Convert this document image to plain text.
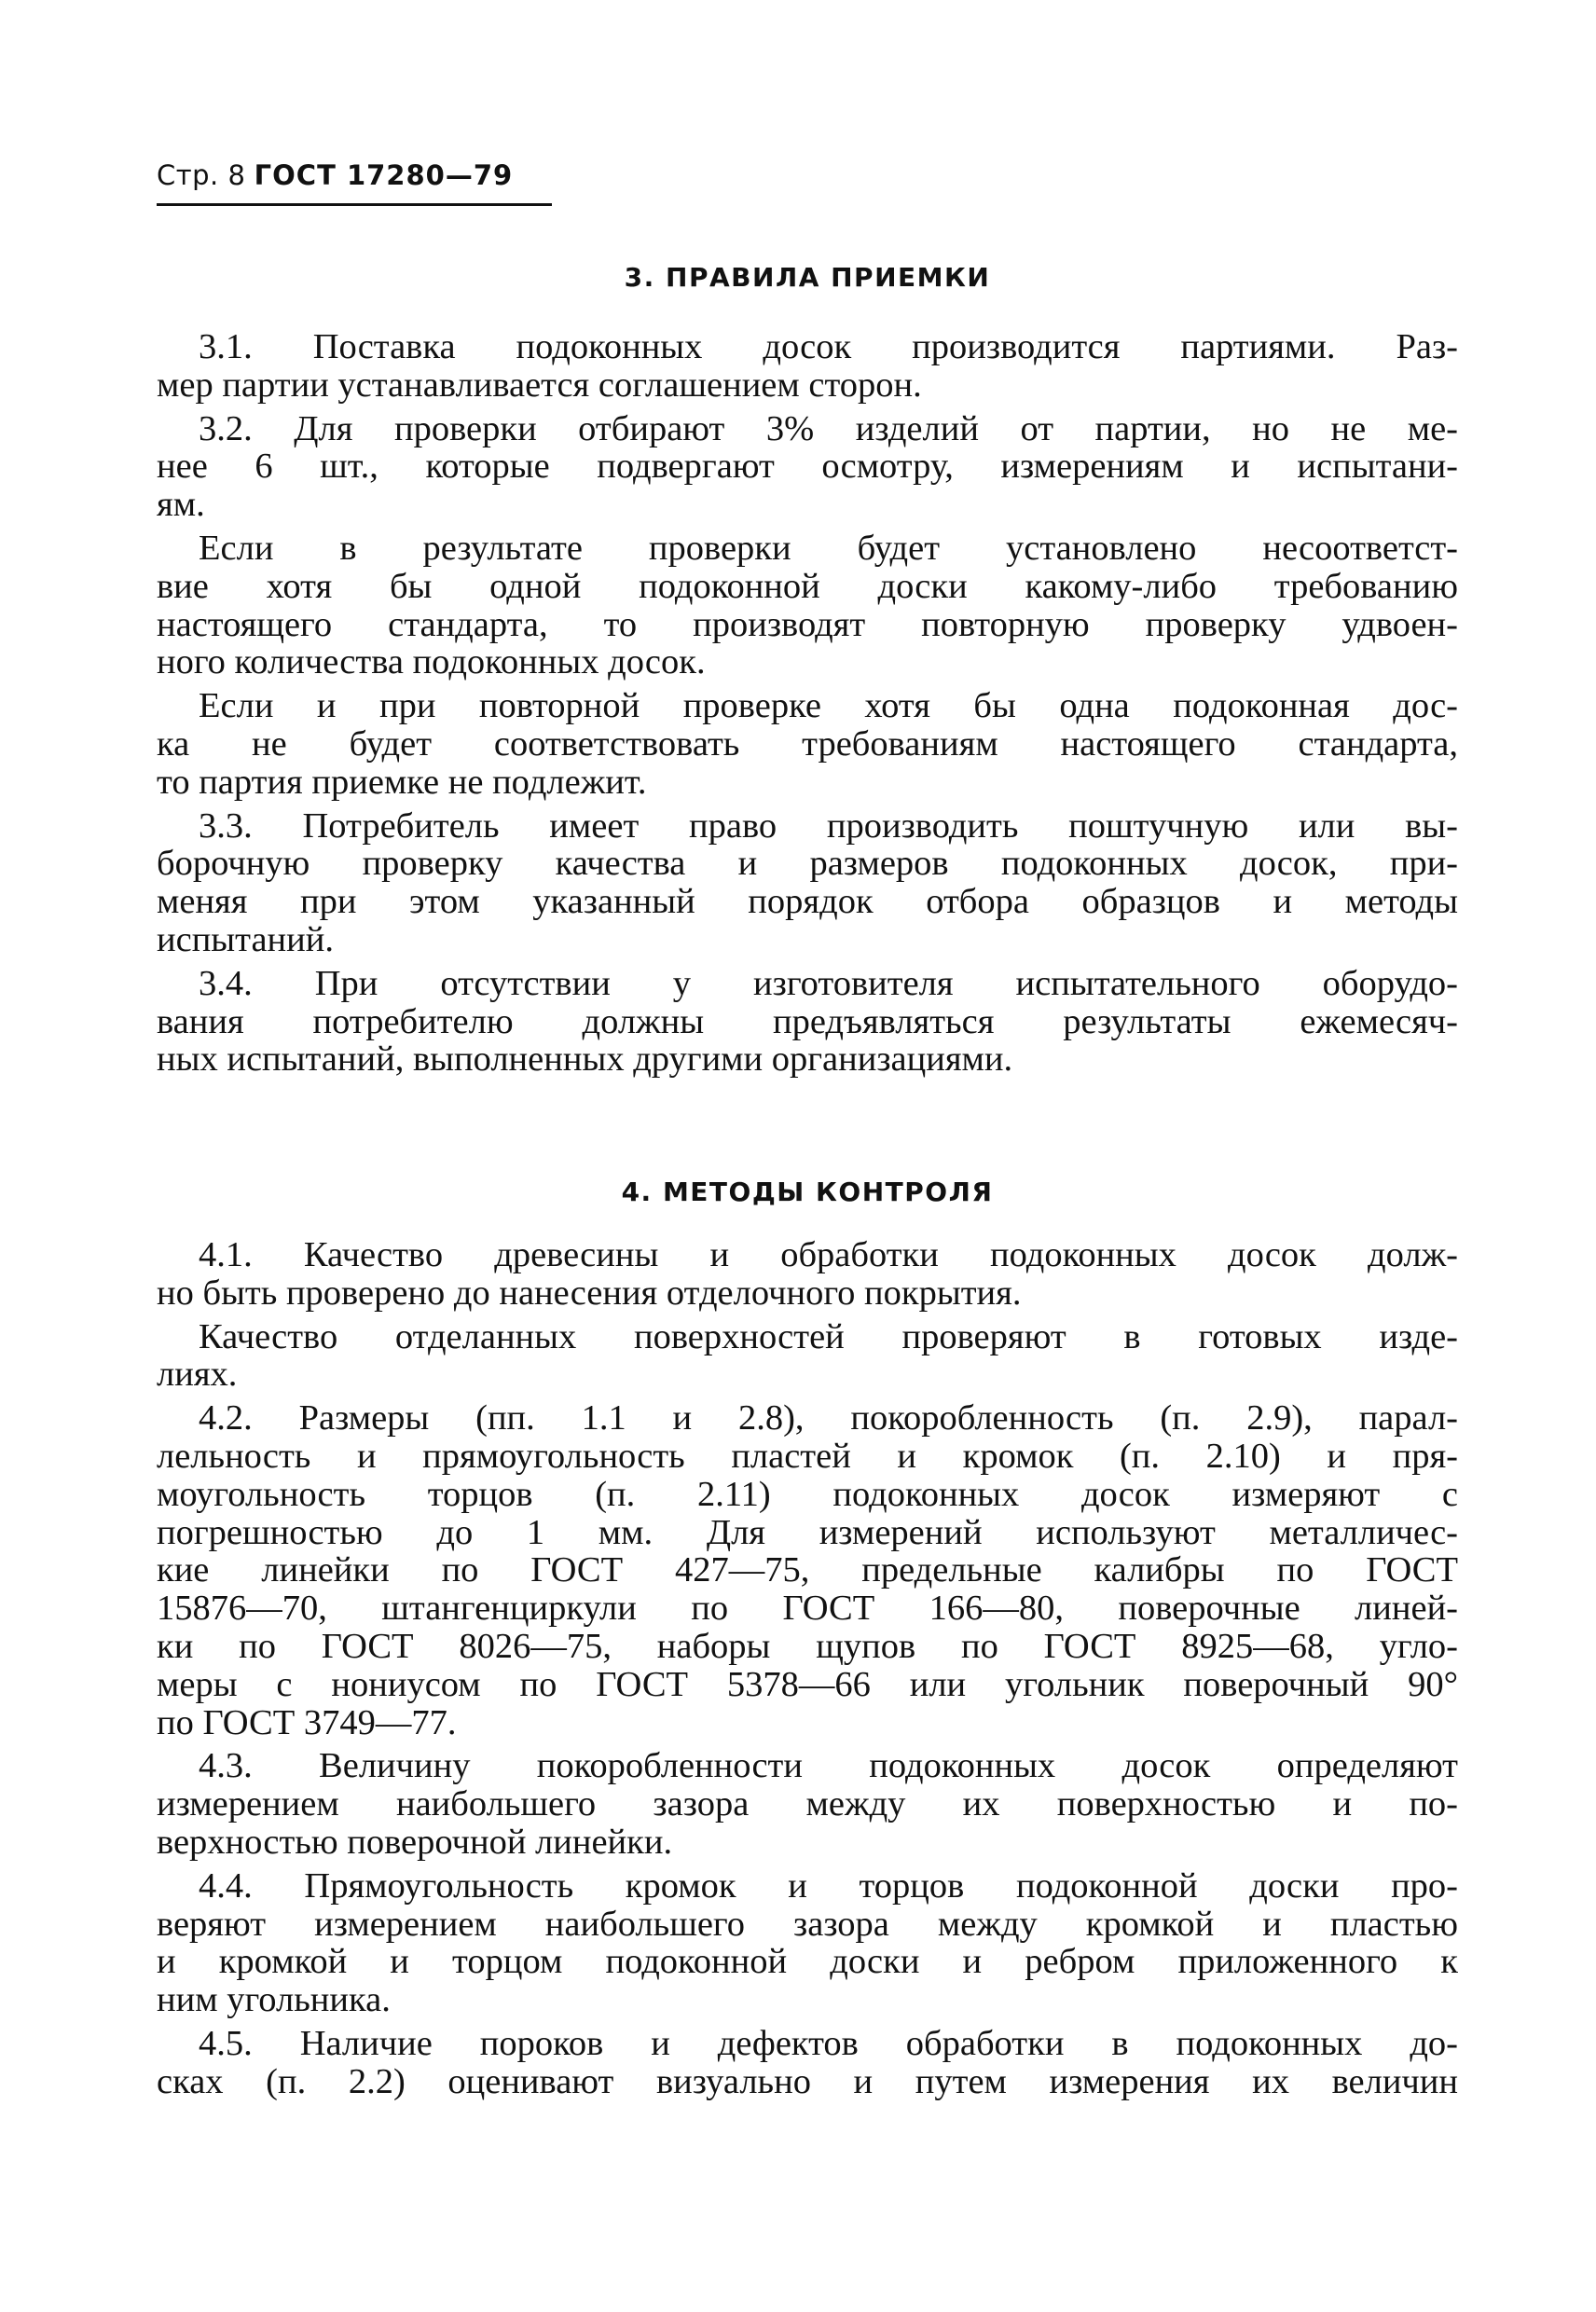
Стр. 8 ГОСТ 17280—79
3. ПРАВИЛА ПРИЕМКИ

3.1. Поставка подоконных досок производится партиями. Раз-
мер партии устанавливается соглашением сторон.

3.2. Для проверки отбирают 3% изделий от партии, но не ме-
нее 6 шт., которые подвергают осмотру, измерениям и испытани-
ям.

Если в результате проверки будет установлено несоответст-
вие хотя бы одной подоконной доски какому-либо требованию
настоящего стандарта, то производят повторную проверку удвоен-
ного количества подоконных досок.

Если и при повторной проверке хотя бы одна подоконная дос-
ка не будет соответствовать требованиям настоящего стандарта,
то партия приемке не подлежит.

3.3. Потребитель имеет право производить поштучную или вы-
борочную проверку качества и размеров подоконных досок, при-
меняя при этом указанный порядок отбора образцов и методы
испытаний.

3.4. При отсутствии у изготовителя испытательного оборудо-
вания потребителю должны предъявляться результаты ежемесяч-
ных испытаний, выполненных другими организациями.

4. МЕТОДЫ КОНТРОЛЯ

4.1. Качество древесины и обработки подоконных досок долж-
но быть проверено до нанесения отделочного покрытия.

Качество отделанных поверхностей проверяют в готовых изде-
лиях.

4.2. Размеры (пп. 1.1 и 2.8), покоробленность (п. 2.9), парал-
лельность и прямоугольность пластей и кромок (п. 2.10) и пря-
моугольность торцов (п. 2.11) подоконных досок измеряют с
погрешностью до 1 мм. Для измерений используют металличес-
кие линейки по ГОСТ 427—75, предельные калибры по ГОСТ
15876—70, штангенциркули по ГОСТ 166—80, поверочные линей-
ки по ГОСТ 8026—75, наборы щупов по ГОСТ 8925—68, угло-
меры с нониусом по ГОСТ 5378—66 или угольник поверочный 90°
по ГОСТ 3749—77.

4.3. Величину покоробленности подоконных досок определяют
измерением наибольшего зазора между их поверхностью и по-
верхностью поверочной линейки.

4.4. Прямоугольность кромок и торцов подоконной доски про-
веряют измерением наибольшего зазора между кромкой и пластью
и кромкой и торцом подоконной доски и ребром приложенного к
ним угольника.

4.5. Наличие пороков и дефектов обработки в подоконных до-
сках (п. 2.2) оценивают визуально и путем измерения их величин
